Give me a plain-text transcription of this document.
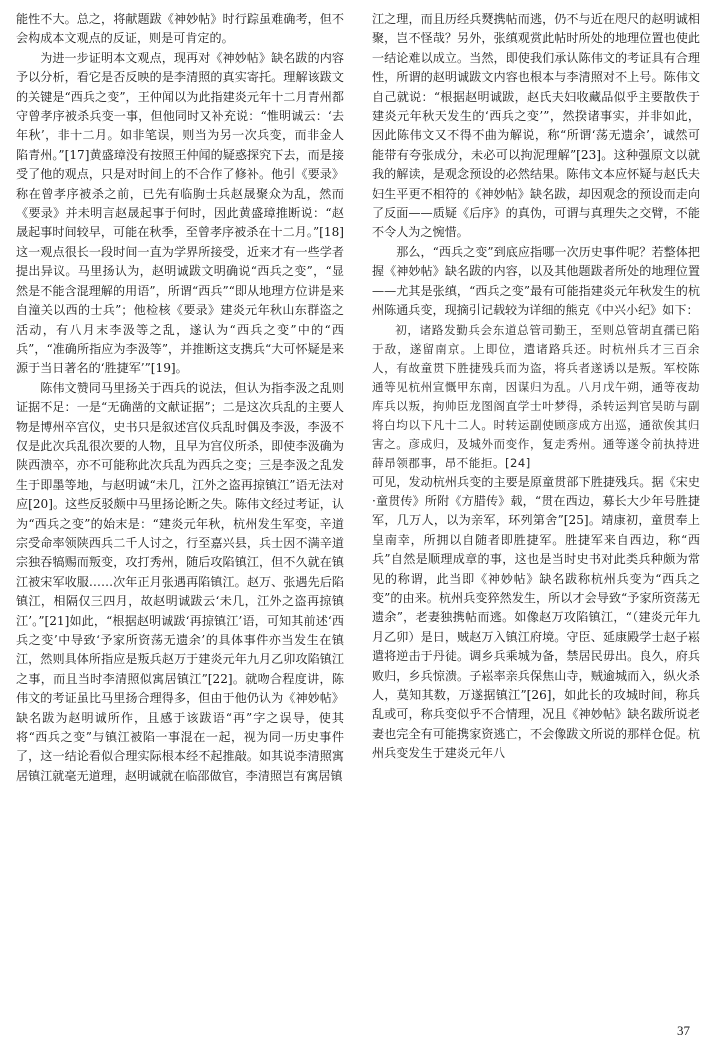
能性不大。总之，将献题跋《神妙帖》时行踪虽难确考，但不会构成本文观点的反证，则是可肯定的。

为进一步证明本文观点，现再对《神妙帖》缺名跋的内容予以分析，看它是否反映的是李清照的真实寄托。理解该跋文的关键是“西兵之变”，王仲闻以为此指建炎元年十二月青州都守曾孝序被杀兵变一事，但他同时又补充说：“惟明诚云：‘去年秋’，非十二月。如非笔误，则当为另一次兵变，而非金人陷青州。”[17]黄盛璋没有按照王仲闻的疑惑探究下去，而是接受了他的观点，只是对时间上的不合作了修补。他引《要录》称在曾孝序被杀之前，已先有临朐士兵赵晟聚众为乱，然而《要录》并未明言赵晟起事于何时，因此黄盛璋推断说：“赵晟起事时间较早，可能在秋季，至曾孝序被杀在十二月。”[18]这一观点很长一段时间一直为学界所接受，近来才有一些学者提出异议。马里扬认为，赵明诚跋文明确说“西兵之变”，“显然是不能含混理解的用语”，所谓“西兵”“即从地理方位讲是来自潼关以西的士兵”；他检核《要录》建炎元年秋山东群盗之活动，有八月末李汲等之乱，遂认为“西兵之变”中的“西兵”，“准确所指应为李汲等”，并推断这支携兵“大可怀疑是来源于当日著名的‘胜捷军’”[19]。

陈伟文赞同马里扬关于西兵的说法，但认为指李汲之乱则证据不足：一是“无确凿的文献证据”；二是这次兵乱的主要人物是博州卒宫仪，史书只是叙述宫仪兵乱时偶及李汲，李汲不仅是此次兵乱很次要的人物，且早为宫仪所杀，即使李汲确为陕西溃卒，亦不可能称此次兵乱为西兵之变；三是李汲之乱发生于即墨等地，与赵明诚“未几，江外之盗再掠镇江”语无法对应[20]。这些反驳颇中马里扬论断之失。陈伟文经过考证，认为“西兵之变”的始末是：“建炎元年秋，杭州发生军变，辛道宗受命率领陕西兵二千人讨之，行至嘉兴县，兵士因不满辛道宗独吞犒赐而叛变，攻打秀州，随后攻陷镇江，但不久就在镇江被宋军收服……次年正月张遇再陷镇江。赵万、张遇先后陷镇江，相隔仅三四月，故赵明诚跋云‘未几，江外之盗再掠镇江’。”[21]如此，“根据赵明诚跋‘再掠镇江’语，可知其前述‘西兵之变’中导致‘予家所资荡无遗余’的具体事件亦当发生在镇江，然则具体所指应是叛兵赵万于建炎元年九月乙卯攻陷镇江之事，而且当时李清照似寓居镇江”[22]。就吻合程度讲，陈伟文的考证虽比马里扬合理得多，但由于他仍认为《神妙帖》缺名跋为赵明诚所作，且感于该跋语“再”字之误导，使其将“西兵之变”与镇江被陷一事混在一起，视为同一历史事件了，这一结论看似合理实际根本经不起推敲。如其说李清照寓居镇江就毫无道理，赵明诚就在临邵做官，李清照岂有寓居镇

江之理，而且历经兵燹携帖而逃，仍不与近在咫尺的赵明诚相聚，岂不怪哉？另外，张缜观赏此帖时所处的地理位置也使此一结论难以成立。当然，即使我们承认陈伟文的考证具有合理性，所谓的赵明诚跋文内容也根本与李清照对不上号。陈伟文自己就说：“根据赵明诚跋，赵氏夫妇收藏品似乎主要散佚于建炎元年秋天发生的‘西兵之变’”，然揆诸事实，并非如此，因此陈伟文又不得不曲为解说，称“所谓‘荡无遗余’，诚然可能带有夸张成分，未必可以拘泥理解”[23]。这种强原文以就我的解读，是观念预设的必然结果。陈伟文本应怀疑与赵氏夫妇生平更不相符的《神妙帖》缺名跋，却因观念的预设而走向了反面——质疑《后序》的真伪，可谓与真理失之交臂，不能不令人为之惋惜。

那么，“西兵之变”到底应指哪一次历史事件呢？若整体把握《神妙帖》缺名跋的内容，以及其他题跋者所处的地理位置——尤其是张缜，“西兵之变”最有可能指建炎元年秋发生的杭州陈通兵变，现摘引记载较为详细的熊克《中兴小纪》如下：

初，诸路发勤兵会东道总管司勤王，至则总管胡直孺已陷于敌，遂留南京。上即位，遣诸路兵还。时杭州兵才三百余人，有故童贯下胜捷残兵而为盗，将兵者遂诱以是叛。军校陈通等见杭州宣慨甲东南，因谋归为乱。八月戊午朔，通等夜劫库兵以叛，拘帅臣龙图阁直学士叶梦得，杀转运判官吴昉与副将白均以下凡十二人。时转运副使顾彦成方出巡，通欲俟其归害之。彦成归，及城外而变作，复走秀州。通等遂令前执持进薛昂领郡事，昂不能拒。[24]

可见，发动杭州兵变的主要是原童贯部下胜捷残兵。据《宋史·童贯传》所附《方腊传》载，“贯在西边，募长大少年号胜捷军，几万人，以为亲军，环列第舍”[25]。靖康初，童贯奉上皇南幸，所拥以自随者即胜捷军。胜捷军来自西边，称“西兵”自然是顺理成章的事，这也是当时史书对此类兵种颇为常见的称谓，此当即《神妙帖》缺名跋称杭州兵变为“西兵之变”的由来。杭州兵变猝然发生，所以才会导致“予家所资荡无遗余”，老妻独携帖而逃。如像赵万攻陷镇江，“（建炎元年九月乙卯）是日，贼赵万入镇江府境。守臣、延康殿学士赵子崧遣将逆击于丹徒。调乡兵乘城为备，禁居民毋出。良久，府兵败归，乡兵惊溃。子崧率亲兵保焦山寺，贼逾城而入，纵火杀人，莫知其数，万遂据镇江”[26]，如此长的攻城时间，称兵乱或可，称兵变似乎不合情理，况且《神妙帖》缺名跋所说老妻也完全有可能携家资逃亡，不会像跋文所说的那样仓促。杭州兵变发生于建炎元年八

37
